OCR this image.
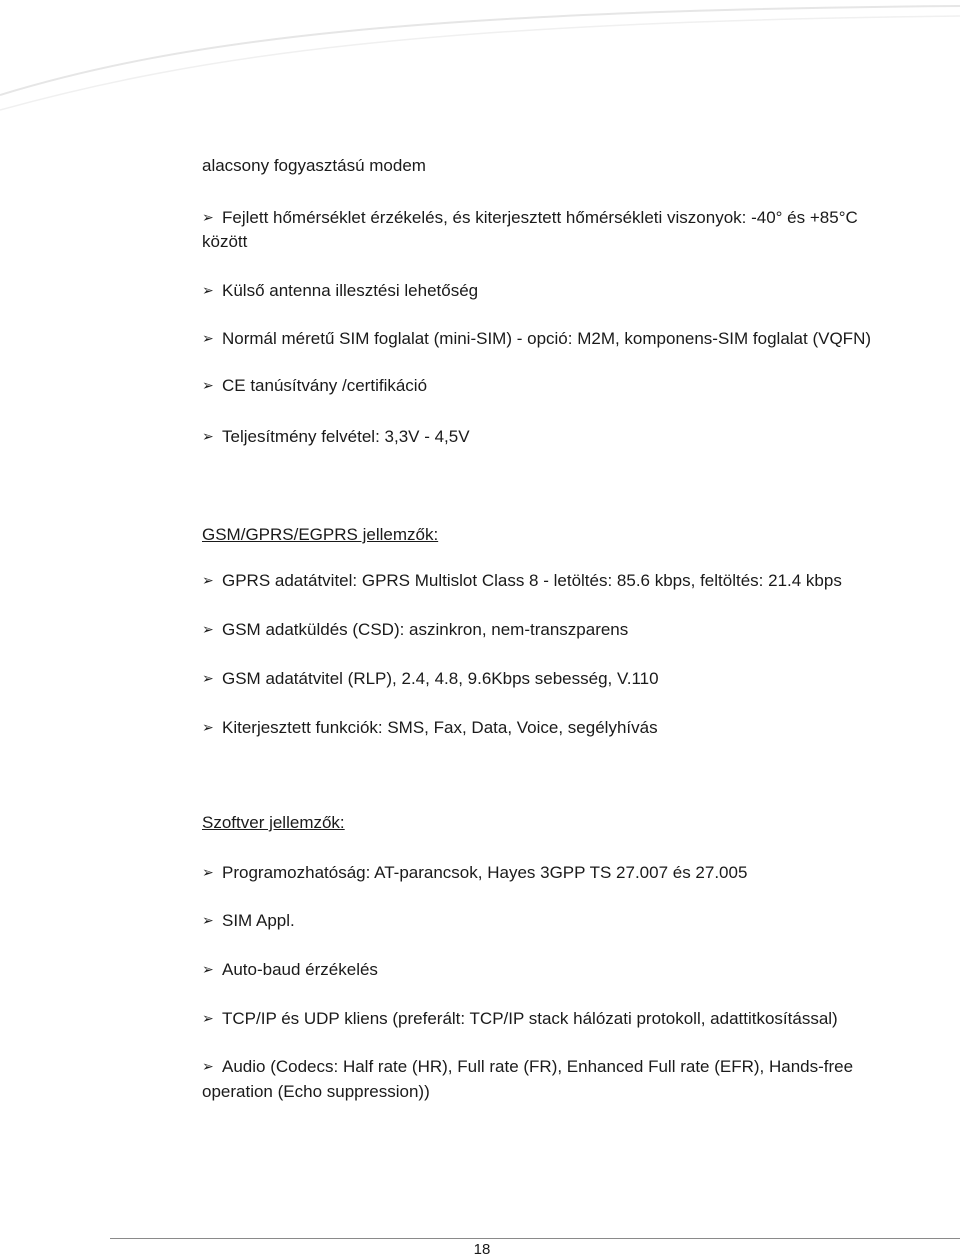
alacsony fogyasztású modem
➢ Fejlett hőmérséklet érzékelés, és kiterjesztett hőmérsékleti viszonyok: -40° és +85°C
között
➢ Külső antenna illesztési lehetőség
➢ Normál méretű SIM foglalat (mini-SIM) - opció: M2M, komponens-SIM foglalat (VQFN)
➢ CE tanúsítvány /certifikáció
➢ Teljesítmény felvétel: 3,3V - 4,5V
GSM/GPRS/EGPRS jellemzők:
➢ GPRS adatátvitel: GPRS Multislot Class 8 - letöltés: 85.6 kbps, feltöltés: 21.4 kbps
➢ GSM adatküldés (CSD): aszinkron, nem-transzparens
➢ GSM adatátvitel (RLP), 2.4, 4.8, 9.6Kbps sebesség, V.110
➢ Kiterjesztett funkciók: SMS, Fax, Data, Voice, segélyhívás
Szoftver jellemzők:
➢ Programozhatóság: AT-parancsok, Hayes 3GPP TS 27.007 és 27.005
➢ SIM Appl.
➢ Auto-baud érzékelés
➢ TCP/IP és UDP kliens (preferált: TCP/IP stack hálózati protokoll, adattitkosítással)
➢ Audio (Codecs: Half rate (HR), Full rate (FR), Enhanced Full rate (EFR), Hands-free
operation (Echo suppression))
18
